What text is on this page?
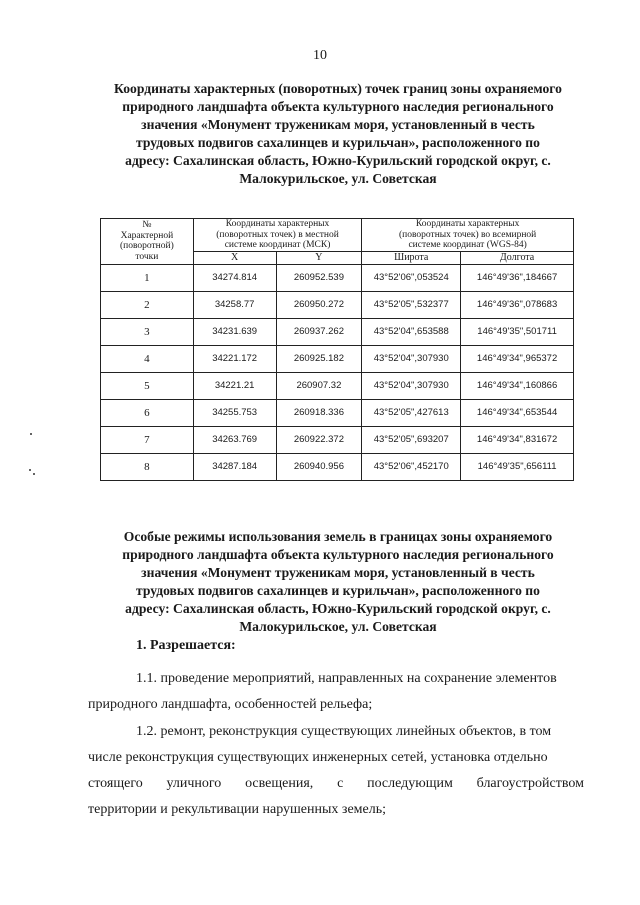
10
Координаты характерных (поворотных) точек границ зоны охраняемого
природного ландшафта объекта культурного наследия регионального
значения «Монумент труженикам моря, установленный в честь
трудовых подвигов сахалинцев и курильчан», расположенного по
адресу: Сахалинская область, Южно-Курильский городской округ, с.
Малокурильское, ул. Советская
№
Характерной
(поворотной)
точки	Координаты характерных
(поворотных точек) в местной
системе координат (МСК)		Координаты характерных
(поворотных точек) во всемирной
системе координат (WGS-84)	

	X	Y	Широта	Долгота
1	34274.814	260952.539	43°52'06",053524	146°49'36",184667
2	34258.77	260950.272	43°52'05",532377	146°49'36",078683
3	34231.639	260937.262	43°52'04",653588	146°49'35",501711
4	34221.172	260925.182	43°52'04",307930	146°49'34",965372
5	34221.21	260907.32	43°52'04",307930	146°49'34",160866
6	34255.753	260918.336	43°52'05",427613	146°49'34",653544
7	34263.769	260922.372	43°52'05",693207	146°49'34",831672
8	34287.184	260940.956	43°52'06",452170	146°49'35",656111
Особые режимы использования земель в границах зоны охраняемого
природного ландшафта объекта культурного наследия регионального
значения «Монумент труженикам моря, установленный в честь
трудовых подвигов сахалинцев и курильчан», расположенного по
адресу: Сахалинская область, Южно-Курильский городской округ, с.
Малокурильское, ул. Советская
1. Разрешается:

1.1. проведение мероприятий, направленных на сохранение элементов
природного ландшафта, особенностей рельефа;

1.2. ремонт, реконструкция существующих линейных объектов, в том
числе реконструкция существующих инженерных сетей, установка отдельно
стоящего уличного освещения, с последующим благоустройством
территории и рекультивации нарушенных земель;
